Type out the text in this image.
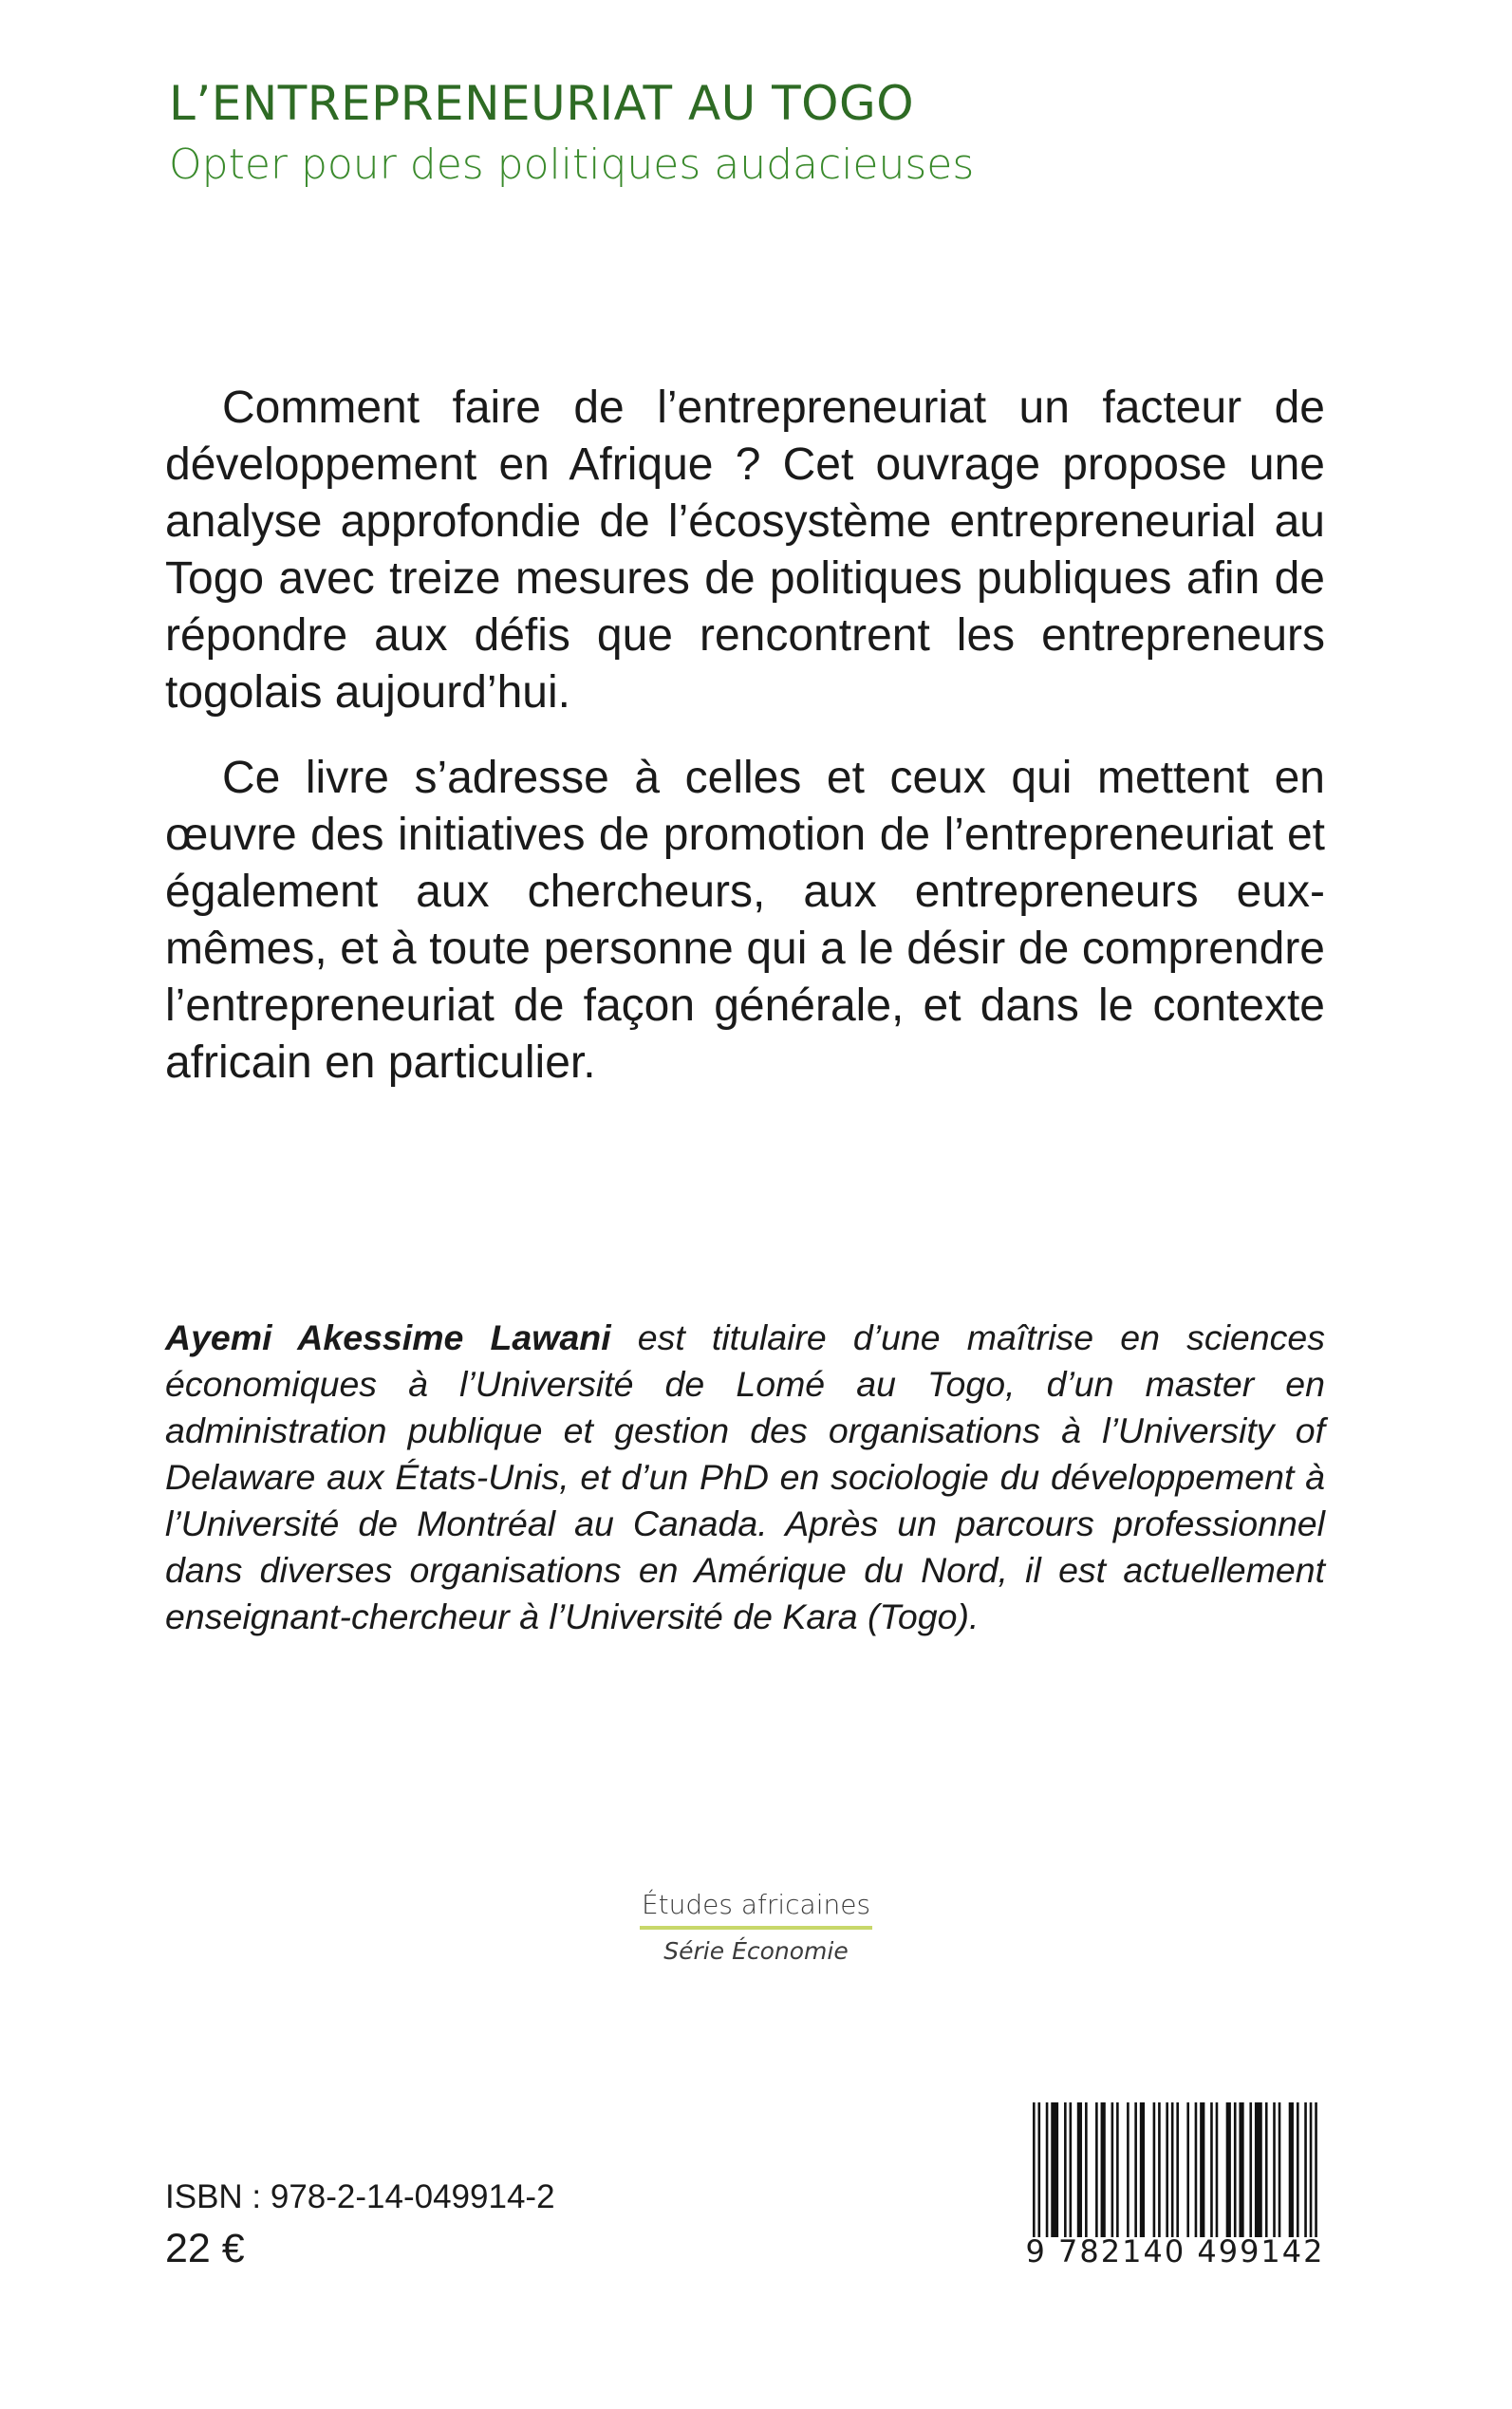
L’ENTREPRENEURIAT AU TOGO
Opter pour des politiques audacieuses

Comment faire de l’entrepreneuriat un facteur de développement en Afrique ? Cet ouvrage propose une analyse approfondie de l’écosystème entrepreneurial au Togo avec treize mesures de politiques publiques afin de répondre aux défis que rencontrent les entrepreneurs togolais aujourd’hui.

Ce livre s’adresse à celles et ceux qui mettent en œuvre des initiatives de promotion de l’entrepreneuriat et également aux chercheurs, aux entrepreneurs eux-mêmes, et à toute personne qui a le désir de comprendre l’entrepreneuriat de façon générale, et dans le contexte africain en particulier.

Ayemi Akessime Lawani est titulaire d’une maîtrise en sciences économiques à l’Université de Lomé au Togo, d’un master en administration publique et gestion des organisations à l’University of Delaware aux États-Unis, et d’un PhD en sociologie du développement à l’Université de Montréal au Canada. Après un parcours professionnel dans diverses organisations en Amérique du Nord, il est actuellement enseignant-chercheur à l’Université de Kara (Togo).
Études africaines
Série Économie
ISBN : 978-2-14-049914-2
22 €	9 782140 499142
